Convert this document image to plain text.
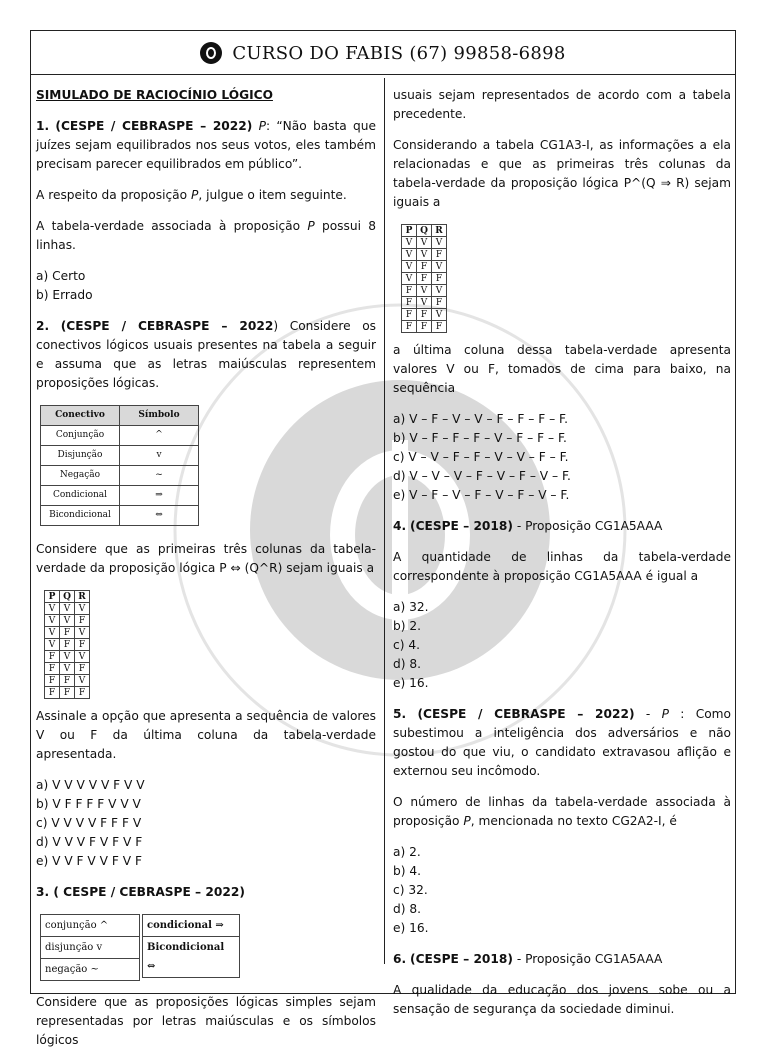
CURSO DO FABIS (67) 99858-6898

SIMULADO DE RACIOCÍNIO LÓGICO

1. (CESPE / CEBRASPE – 2022) P: “Não basta que juízes sejam equilibrados nos seus votos, eles também precisam parecer equilibrados em público”.

A respeito da proposição P, julgue o item seguinte.

A tabela-verdade associada à proposição P possui 8 linhas.

a) Certo
b) Errado

2. (CESPE / CEBRASPE – 2022) Considere os conectivos lógicos usuais presentes na tabela a seguir e assuma que as letras maiúsculas representem proposições lógicas.

Conectivo	Símbolo
Conjunção	^
Disjunção	v
Negação	~
Condicional	⇒
Bicondicional	⇔

Considere que as primeiras três colunas da tabela-verdade da proposição lógica P ⇔ (Q^R) sejam iguais a

P	Q	R
V	V	V
V	V	F
V	F	V
V	F	F
F	V	V
F	V	F
F	F	V
F	F	F

Assinale a opção que apresenta a sequência de valores V ou F da última coluna da tabela-verdade apresentada.

a) V V V V V F V V
b) V F F F F V V V
c) V V V V F F F V
d) V V V F V F V F
e) V V F V V F V F

3. ( CESPE / CEBRASPE – 2022)

conjunção ^
disjunção v
negação ~
condicional ⇒
Bicondicional ⇔

Considere que as proposições lógicas simples sejam representadas por letras maiúsculas e os símbolos lógicos

usuais sejam representados de acordo com a tabela precedente.

Considerando a tabela CG1A3-I, as informações a ela relacionadas e que as primeiras três colunas da tabela-verdade da proposição lógica P^(Q ⇒ R) sejam iguais a

P	Q	R
V	V	V
V	V	F
V	F	V
V	F	F
F	V	V
F	V	F
F	F	V
F	F	F

a última coluna dessa tabela-verdade apresenta valores V ou F, tomados de cima para baixo, na sequência

a) V – F – V – V – F – F – F – F.
b) V – F – F – F – V – F – F – F.
c) V – V – F – F – V – V – F – F.
d) V – V – V – F – V – F – V – F.
e) V – F – V – F – V – F – V – F.

4. (CESPE – 2018) - Proposição CG1A5AAA

A quantidade de linhas da tabela-verdade correspondente à proposição CG1A5AAA é igual a

a) 32.
b) 2.
c) 4.
d) 8.
e) 16.

5. (CESPE / CEBRASPE – 2022) - P : Como subestimou a inteligência dos adversários e não gostou do que viu, o candidato extravasou aflição e externou seu incômodo.

O número de linhas da tabela-verdade associada à proposição P, mencionada no texto CG2A2-I, é

a) 2.
b) 4.
c) 32.
d) 8.
e) 16.

6. (CESPE – 2018) - Proposição CG1A5AAA

A qualidade da educação dos jovens sobe ou a sensação de segurança da sociedade diminui.
